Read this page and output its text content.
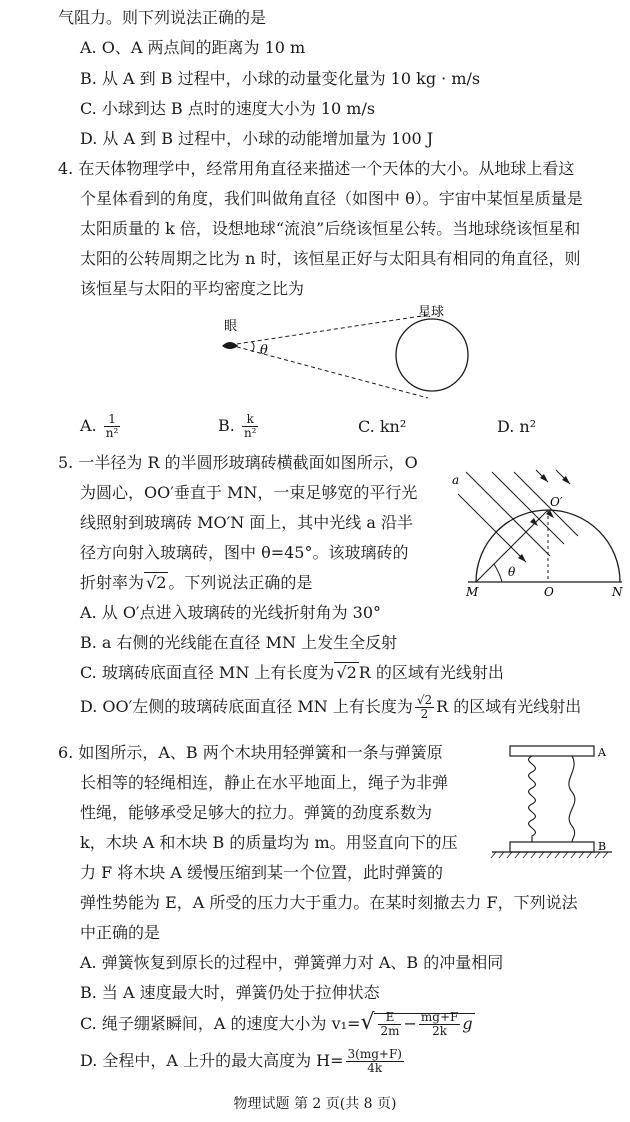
气阻力。则下列说法正确的是
A. O、A 两点间的距离为 10 m
B. 从 A 到 B 过程中，小球的动量变化量为 10 kg · m/s
C. 小球到达 B 点时的速度大小为 10 m/s
D. 从 A 到 B 过程中，小球的动能增加量为 100 J
4. 在天体物理学中，经常用角直径来描述一个天体的大小。从地球上看这
个星体看到的角度，我们叫做角直径（如图中 θ）。宇宙中某恒星质量是
太阳质量的 k 倍，设想地球“流浪”后绕该恒星公转。当地球绕该恒星和
太阳的公转周期之比为 n 时，该恒星正好与太阳具有相同的角直径，则
该恒星与太阳的平均密度之比为
眼
θ
星球
A. $\frac{1}{\text{n²}}$	B. $\frac{k}{\text{n²}}$	C. kn²	D. n²
5. 一半径为 R 的半圆形玻璃砖横截面如图所示，O
为圆心，OO′垂直于 MN，一束足够宽的平行光
线照射到玻璃砖 MO′N 面上，其中光线 a 沿半
径方向射入玻璃砖，图中 θ=45°。该玻璃砖的
折射率为 √2 。下列说法正确的是
a
O′
θ
M	O	N
A. 从 O′点进入玻璃砖的光线折射角为 30°
B. a 右侧的光线能在直径 MN 上发生全反射
C. 玻璃砖底面直径 MN 上有长度为 √2 R 的区域有光线射出
D. OO′左侧的玻璃砖底面直径 MN 上有长度为 $\frac{√2}{2}$ R 的区域有光线射出
6. 如图所示，A、B 两个木块用轻弹簧和一条与弹簧原
长相等的轻绳相连，静止在水平地面上，绳子为非弹
性绳，能够承受足够大的拉力。弹簧的劲度系数为
k，木块 A 和木块 B 的质量均为 m。用竖直向下的压
力 F 将木块 A 缓慢压缩到某一个位置，此时弹簧的
弹性势能为 E，A 所受的压力大于重力。在某时刻撤去力 F，下列说法
中正确的是
A
B
A. 弹簧恢复到原长的过程中，弹簧弹力对 A、B 的冲量相同
B. 当 A 速度最大时，弹簧仍处于拉伸状态
C. 绳子绷紧瞬间，A 的速度大小为 $v_1=√ \frac{E}{2m} - \frac{mg+F}{2k}$ g
D. 全程中，A 上升的最大高度为 $H= \frac{3(mg+F)}{4k}$
物理试题 第 2 页(共 8 页)
